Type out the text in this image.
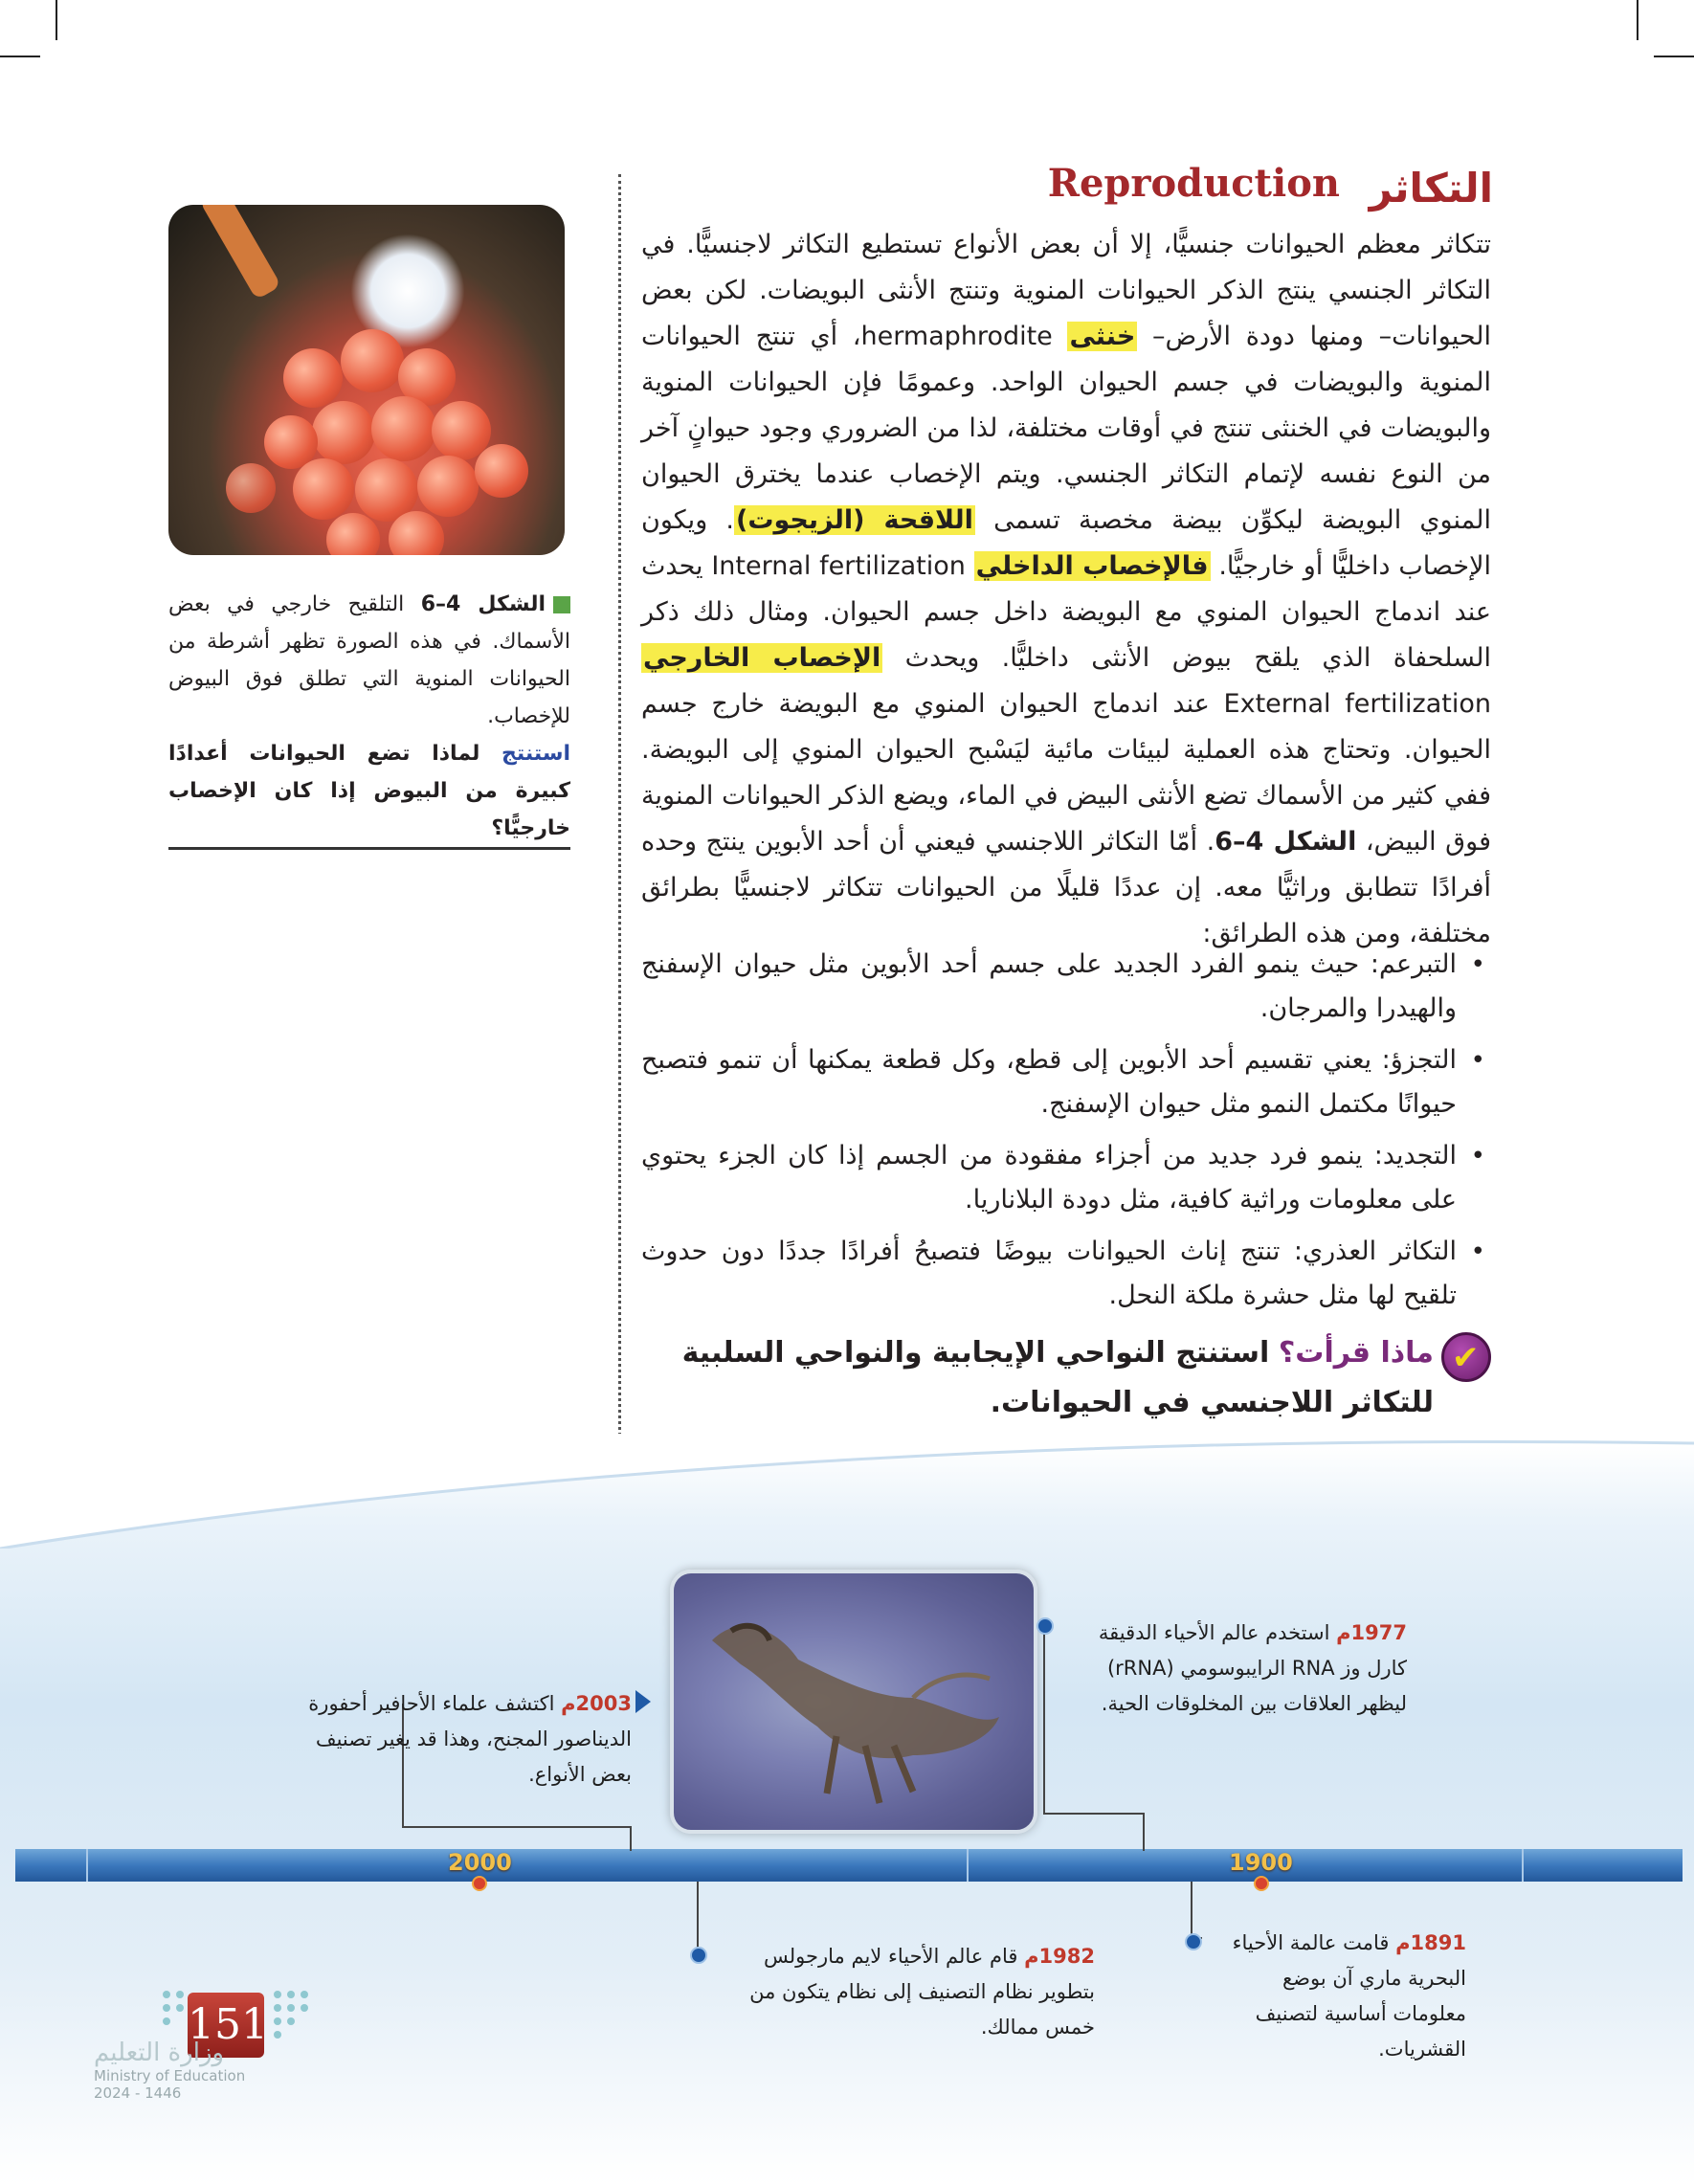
التكاثر
Reproduction
تتكاثر معظم الحيوانات جنسيًّا، إلا أن بعض الأنواع تستطيع التكاثر لاجنسيًّا. في التكاثر الجنسي ينتج الذكر الحيوانات المنوية وتنتج الأنثى البويضات. لكن بعض الحيوانات– ومنها دودة الأرض– خنثى hermaphrodite، أي تنتج الحيوانات المنوية والبويضات في جسم الحيوان الواحد. وعمومًا فإن الحيوانات المنوية والبويضات في الخنثى تنتج في أوقات مختلفة، لذا من الضروري وجود حيوانٍ آخر من النوع نفسه لإتمام التكاثر الجنسي. ويتم الإخصاب عندما يخترق الحيوان المنوي البويضة ليكوِّن بيضة مخصبة تسمى اللاقحة (الزيجوت). ويكون الإخصاب داخليًّا أو خارجيًّا. فالإخصاب الداخلي Internal fertilization يحدث عند اندماج الحيوان المنوي مع البويضة داخل جسم الحيوان. ومثال ذلك ذكر السلحفاة الذي يلقح بيوض الأنثى داخليًّا. ويحدث الإخصاب الخارجي External fertilization عند اندماج الحيوان المنوي مع البويضة خارج جسم الحيوان. وتحتاج هذه العملية لبيئات مائية ليَسْبح الحيوان المنوي إلى البويضة. ففي كثير من الأسماك تضع الأنثى البيض في الماء، ويضع الذكر الحيوانات المنوية فوق البيض، الشكل 4–6. أمّا التكاثر اللاجنسي فيعني أن أحد الأبوين ينتج وحده أفرادًا تتطابق وراثيًّا معه. إن عددًا قليلًا من الحيوانات تتكاثر لاجنسيًّا بطرائق مختلفة، ومن هذه الطرائق:
• التبرعم: حيث ينمو الفرد الجديد على جسم أحد الأبوين مثل حيوان الإسفنج والهيدرا والمرجان.
• التجزؤ: يعني تقسيم أحد الأبوين إلى قطع، وكل قطعة يمكنها أن تنمو فتصبح حيوانًا مكتمل النمو مثل حيوان الإسفنج.
• التجديد: ينمو فرد جديد من أجزاء مفقودة من الجسم إذا كان الجزء يحتوي على معلومات وراثية كافية، مثل دودة البلاناريا.
• التكاثر العذري: تنتج إناث الحيوانات بيوضًا فتصبحُ أفرادًا جددًا دون حدوث تلقيح لها مثل حشرة ملكة النحل.
✔
ماذا قرأت؟ استنتج النواحي الإيجابية والنواحي السلبية للتكاثر اللاجنسي في الحيوانات.
الشكل 4–6 التلقيح خارجي في بعض الأسماك. في هذه الصورة تظهر أشرطة من الحيوانات المنوية التي تطلق فوق البيوض للإخصاب.
استنتج لماذا تضع الحيوانات أعدادًا كبيرة من البيوض إذا كان الإخصاب خارجيًّا؟
2000	1900
2003م اكتشف علماء الأحافير أحفورة الديناصور المجنح، وهذا قد يغير تصنيف بعض الأنواع.
1977م استخدم عالم الأحياء الدقيقة كارل وز RNA الرايبوسومي (rRNA) ليظهر العلاقات بين المخلوقات الحية.
1982م قام عالم الأحياء لايم مارجولس بتطوير نظام التصنيف إلى نظام يتكون من خمس ممالك.
1891م قامت عالمة الأحياء البحرية ماري آن بوضع معلومات أساسية لتصنيف القشريات.
151
وزارة التعليم
Ministry of Education
2024 - 1446
